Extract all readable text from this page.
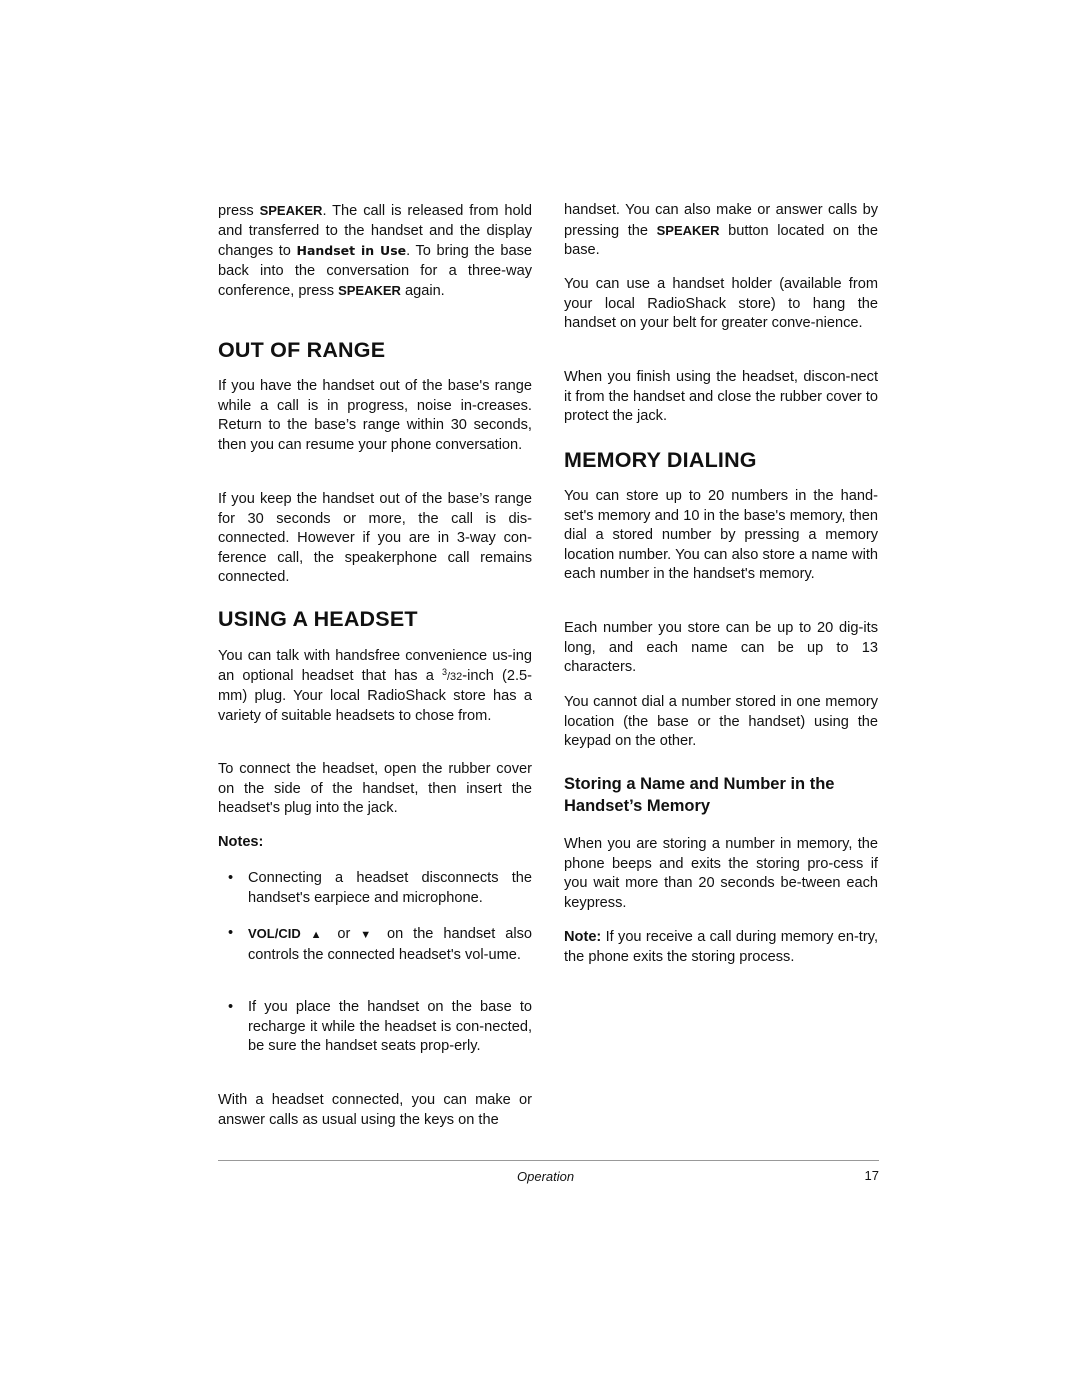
press SPEAKER. The call is released from hold and transferred to the handset and the display changes to Handset in Use. To bring the base back into the conversation for a three-way conference, press SPEAKER again.

OUT OF RANGE

If you have the handset out of the base's range while a call is in progress, noise in-creases. Return to the base’s range within 30 seconds, then you can resume your phone conversation.

If you keep the handset out of the base’s range for 30 seconds or more, the call is dis-connected. However if you are in 3-way con-ference call, the speakerphone call remains connected.

USING A HEADSET

You can talk with handsfree convenience us-ing an optional headset that has a $^3$/32-inch (2.5-mm) plug. Your local RadioShack store has a variety of suitable headsets to chose from.

To connect the headset, open the rubber cover on the side of the handset, then insert the headset's plug into the jack.

Notes:
• Connecting a headset disconnects the handset's earpiece and microphone.
• VOL/CID ▲ or ▼ on the handset also controls the connected headset's vol-ume.
• If you place the handset on the base to recharge it while the headset is con-nected, be sure the handset seats prop-erly.

With a headset connected, you can make or answer calls as usual using the keys on the

handset. You can also make or answer calls by pressing the SPEAKER button located on the base.

You can use a handset holder (available from your local RadioShack store) to hang the handset on your belt for greater conve-nience.

When you finish using the headset, discon-nect it from the handset and close the rubber cover to protect the jack.

MEMORY DIALING

You can store up to 20 numbers in the hand-set's memory and 10 in the base's memory, then dial a stored number by pressing a memory location number. You can also store a name with each number in the handset's memory.

Each number you store can be up to 20 dig-its long, and each name can be up to 13 characters.

You cannot dial a number stored in one memory location (the base or the handset) using the keypad on the other.

Storing a Name and Number in the Handset’s Memory

When you are storing a number in memory, the phone beeps and exits the storing pro-cess if you wait more than 20 seconds be-tween each keypress.

Note: If you receive a call during memory en-try, the phone exits the storing process.

Operation	17
